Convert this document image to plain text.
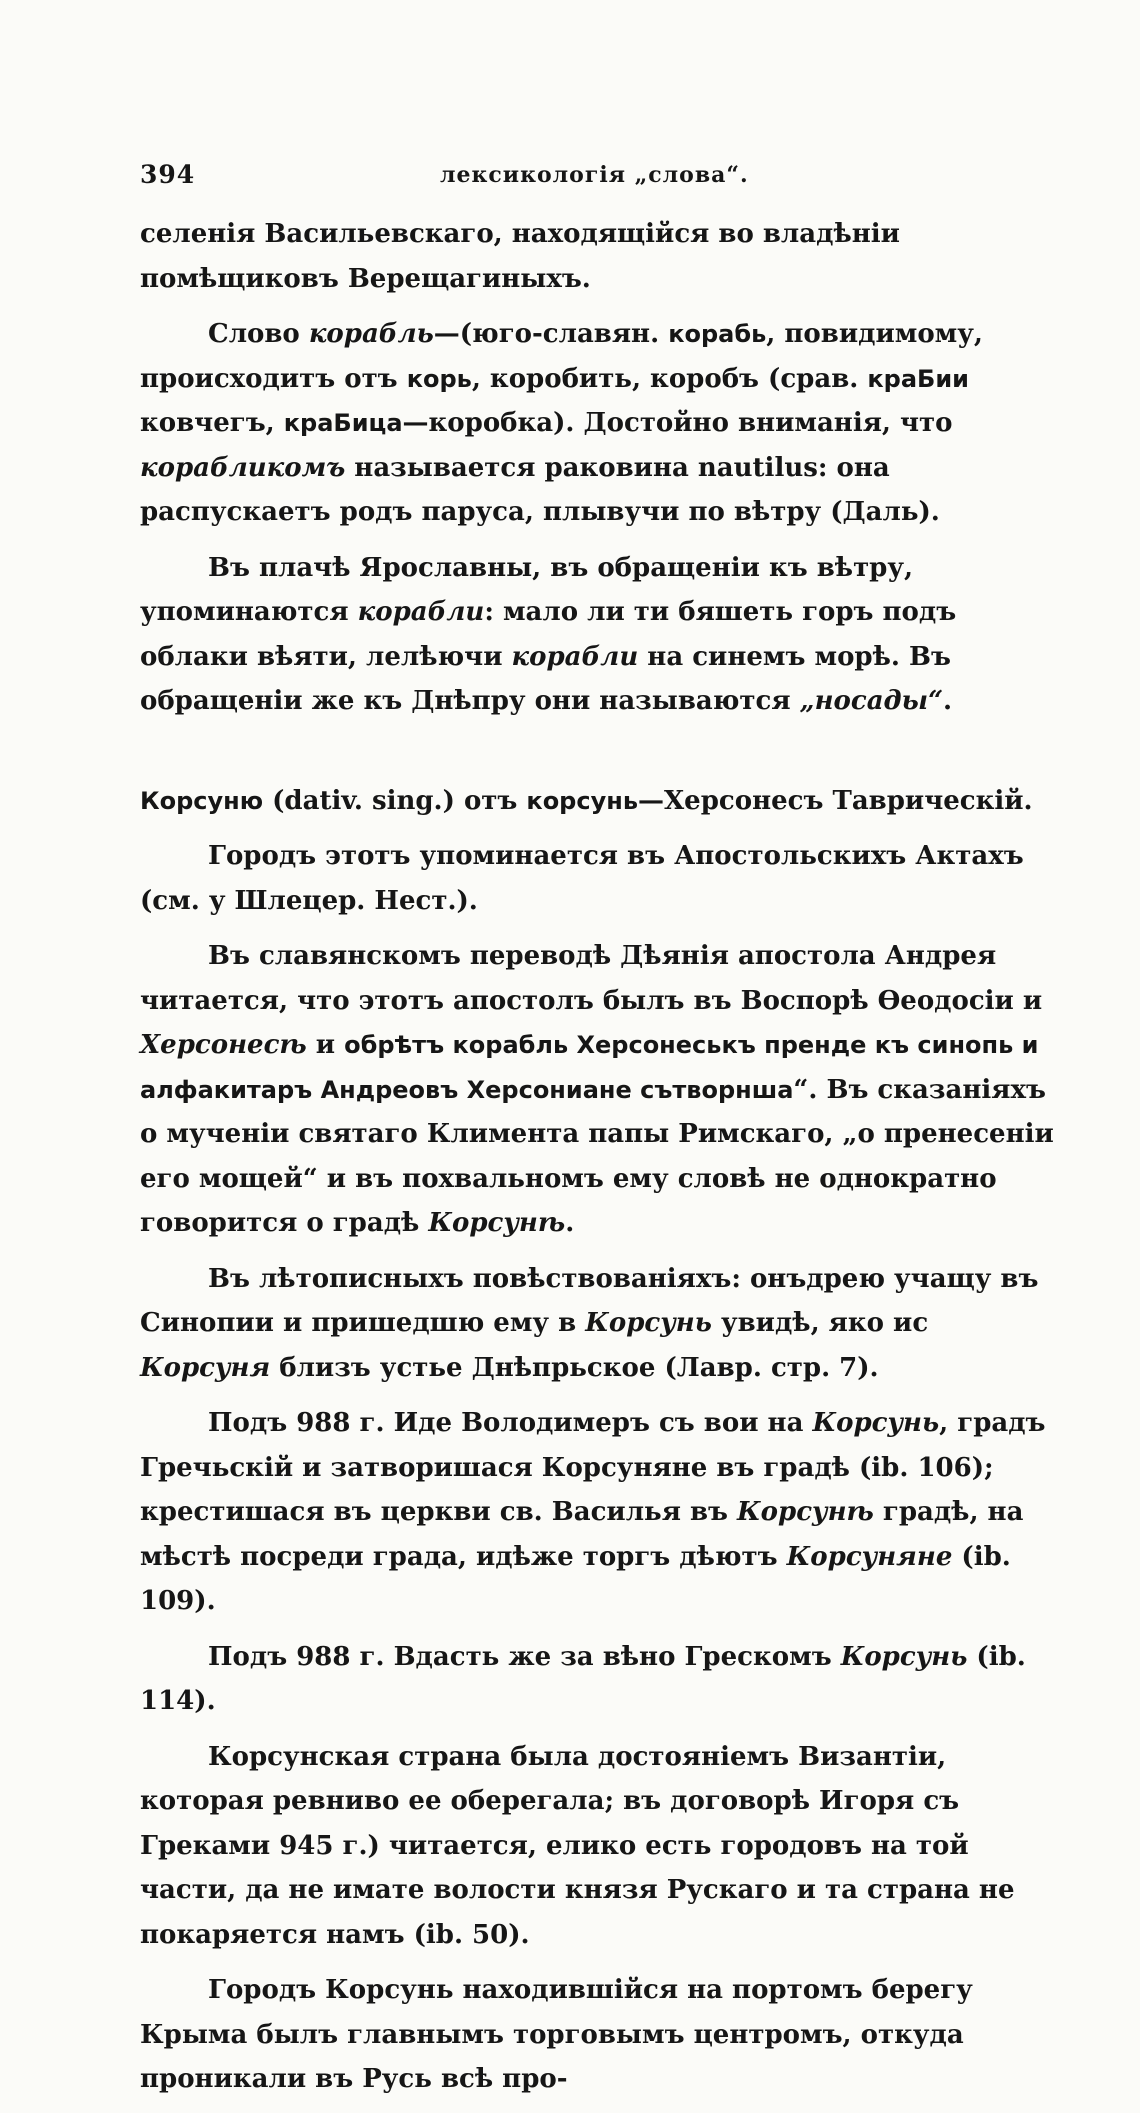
394	лексикологія „слова“.

селенія Васильевскаго, находящійся во владѣніи помѣщиковъ Верещагиныхъ.

Слово корабль—(юго-славян. корабь, повидимому, происходитъ отъ корь, коробить, коробъ (срав. краБии ковчегъ, краБица—коробка). Достойно вниманія, что корабликомъ называется раковина nautilus: она распускаетъ родъ паруса, плывучи по вѣтру (Даль).

Въ плачѣ Ярославны, въ обращеніи къ вѣтру, упоминаются корабли: мало ли ти бяшеть горъ подъ облаки вѣяти, лелѣючи корабли на синемъ морѣ. Въ обращеніи же къ Днѣпру они называются „носады“.

Корсуню (dativ. sing.) отъ корсунь—Херсонесъ Таврическій.

Городъ этотъ упоминается въ Апостольскихъ Актахъ (см. у Шлецер. Нест.).

Въ славянскомъ переводѣ Дѣянія апостола Андрея читается, что этотъ апостолъ былъ въ Воспорѣ Ѳеодосіи и Херсонесѣ и обрѣтъ корабль Херсонеськъ пренде къ синопь и алфакитаръ Андреовъ Херсониане сътворнша“. Въ сказаніяхъ о мученіи святаго Климента папы Римскаго, „о пренесеніи его мощей“ и въ похвальномъ ему словѣ не однократно говорится о градѣ Корсунѣ.

Въ лѣтописныхъ повѣствованіяхъ: онъдрею учащу въ Синопии и пришедшю ему в Корсунь увидѣ, яко ис Корсуня близъ устье Днѣпрьское (Лавр. стр. 7).

Подъ 988 г. Иде Володимеръ съ вои на Корсунь, градъ Гречьскій и затворишася Корсуняне въ градѣ (ib. 106); крестишася въ церкви св. Василья въ Корсунѣ градѣ, на мѣстѣ посреди града, идѣже торгъ дѣютъ Корсуняне (ib. 109).

Подъ 988 г. Вдасть же за вѣно Грескомъ Корсунь (ib. 114).

Корсунская страна была достояніемъ Византіи, которая ревниво ее оберегала; въ договорѣ Игоря съ Греками 945 г.) читается, елико есть городовъ на той части, да не имате волости князя Рускаго и та страна не покаряется намъ (ib. 50).

Городъ Корсунь находившійся на портомъ берегу Крыма былъ главнымъ торговымъ центромъ, откуда проникали въ Русь всѣ про-
